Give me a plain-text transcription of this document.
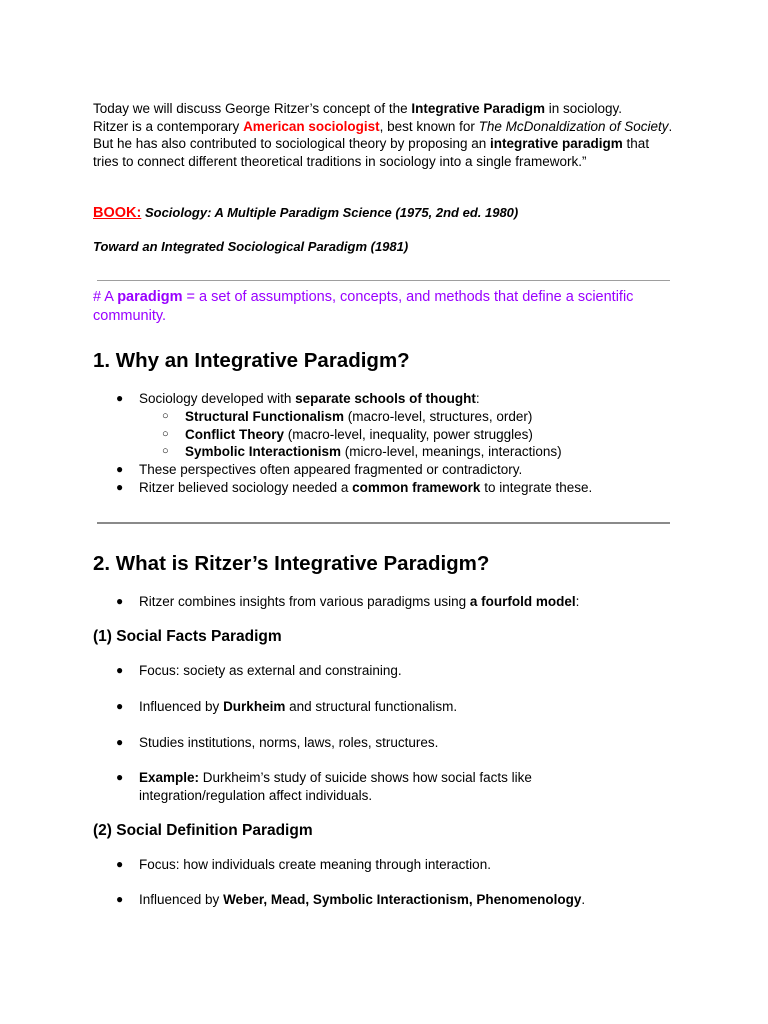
Today we will discuss George Ritzer’s concept of the Integrative Paradigm in sociology.
Ritzer is a contemporary American sociologist, best known for The McDonaldization of Society. But he has also contributed to sociological theory by proposing an integrative paradigm that tries to connect different theoretical traditions in sociology into a single framework.”

BOOK: Sociology: A Multiple Paradigm Science (1975, 2nd ed. 1980)

Toward an Integrated Sociological Paradigm (1981)

# A paradigm = a set of assumptions, concepts, and methods that define a scientific community.

1. Why an Integrative Paradigm?
● Sociology developed with separate schools of thought:
○ Structural Functionalism (macro-level, structures, order)
○ Conflict Theory (macro-level, inequality, power struggles)
○ Symbolic Interactionism (micro-level, meanings, interactions)
● These perspectives often appeared fragmented or contradictory.
● Ritzer believed sociology needed a common framework to integrate these.
2. What is Ritzer’s Integrative Paradigm?
● Ritzer combines insights from various paradigms using a fourfold model:
(1) Social Facts Paradigm
● Focus: society as external and constraining.
● Influenced by Durkheim and structural functionalism.
● Studies institutions, norms, laws, roles, structures.
● Example: Durkheim’s study of suicide shows how social facts like integration/regulation affect individuals.
(2) Social Definition Paradigm
● Focus: how individuals create meaning through interaction.
● Influenced by Weber, Mead, Symbolic Interactionism, Phenomenology.
